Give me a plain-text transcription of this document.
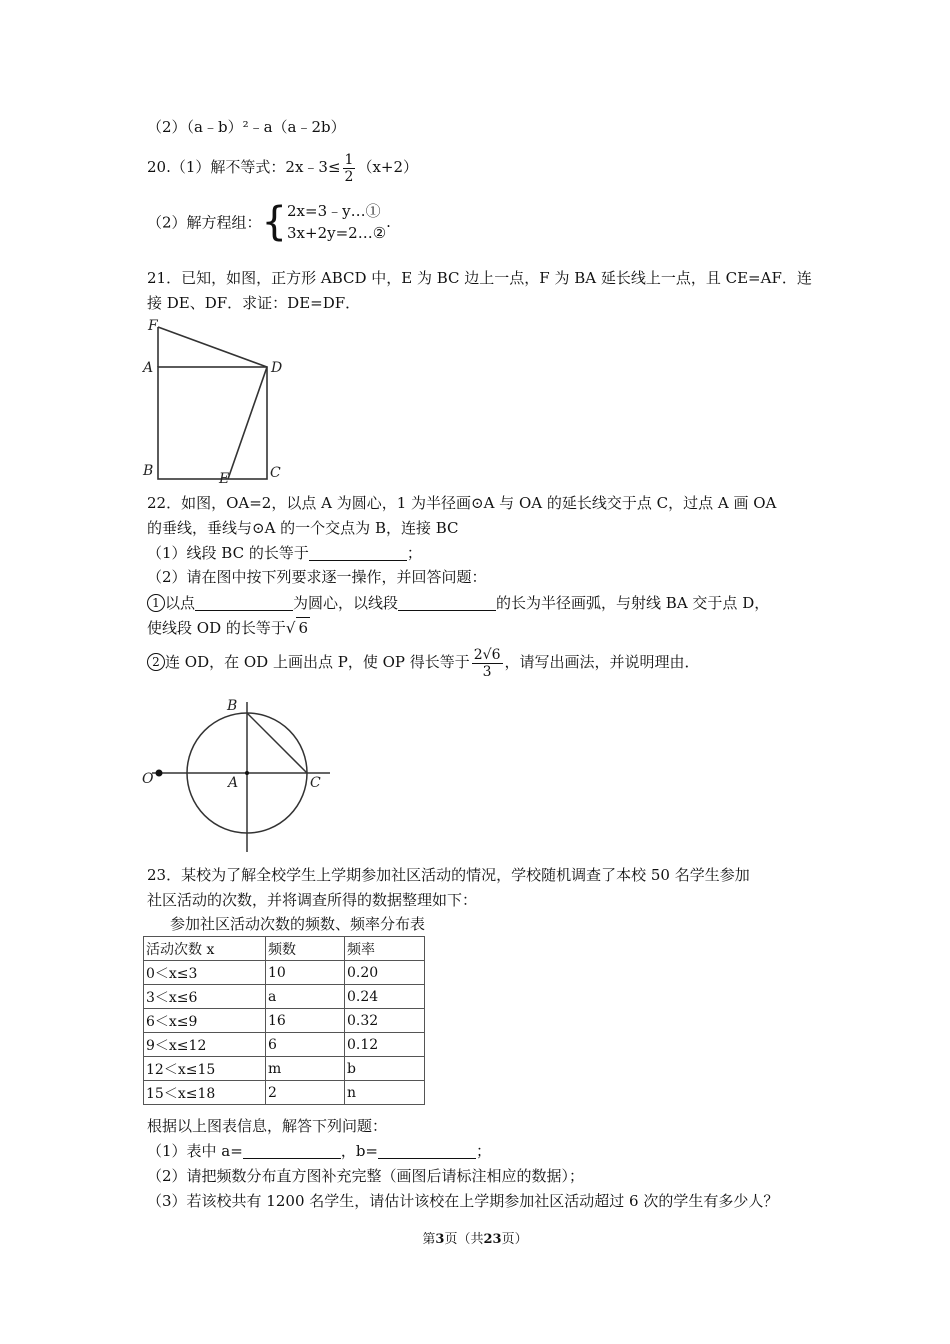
（2）（a﹣b）²﹣a（a﹣2b）
20.（1）解不等式：2x﹣3≤ $\frac{1}{2} (x+2)$
（2）解方程组：{ 2x=3﹣y…①
3x+2y=2…②
.
21．已知，如图，正方形 ABCD 中，E 为 BC 边上一点，F 为 BA 延长线上一点，且 CE=AF．连
接 DE、DF．求证：DE=DF．
F
A	D
B	E	C
22．如图，OA=2，以点 A 为圆心，1 为半径画⊙A 与 OA 的延长线交于点 C，过点 A 画 OA
的垂线，垂线与⊙A 的一个交点为 B，连接 BC
（1）线段 BC 的长等于	；
（2）请在图中按下列要求逐一操作，并回答问题：
1 以点	为圆心，以线段	的长为半径画弧，与射线 BA 交于点 D，
使线段 OD 的长等于√ 6
2 连 OD，在 OD 上画出点 P，使 OP 得长等于 $\frac{2√6}{3}$ ，请写出画法，并说明理由．
O	A
B
C
23．某校为了解全校学生上学期参加社区活动的情况，学校随机调查了本校 50 名学生参加
社区活动的次数，并将调查所得的数据整理如下：
参加社区活动次数的频数、频率分布表
活动次数 x	频数	频率
0＜x≤3	10	0.20
3＜x≤6	a	0.24
6＜x≤9	16	0.32
9＜x≤12	6	0.12
12＜x≤15	m	b
15＜x≤18	2	n
根据以上图表信息，解答下列问题：
（1）表中 a=	，b=	；
（2）请把频数分布直方图补充完整（画图后请标注相应的数据）；
（3）若该校共有 1200 名学生，请估计该校在上学期参加社区活动超过 6 次的学生有多少人？
第3页（共23页）
